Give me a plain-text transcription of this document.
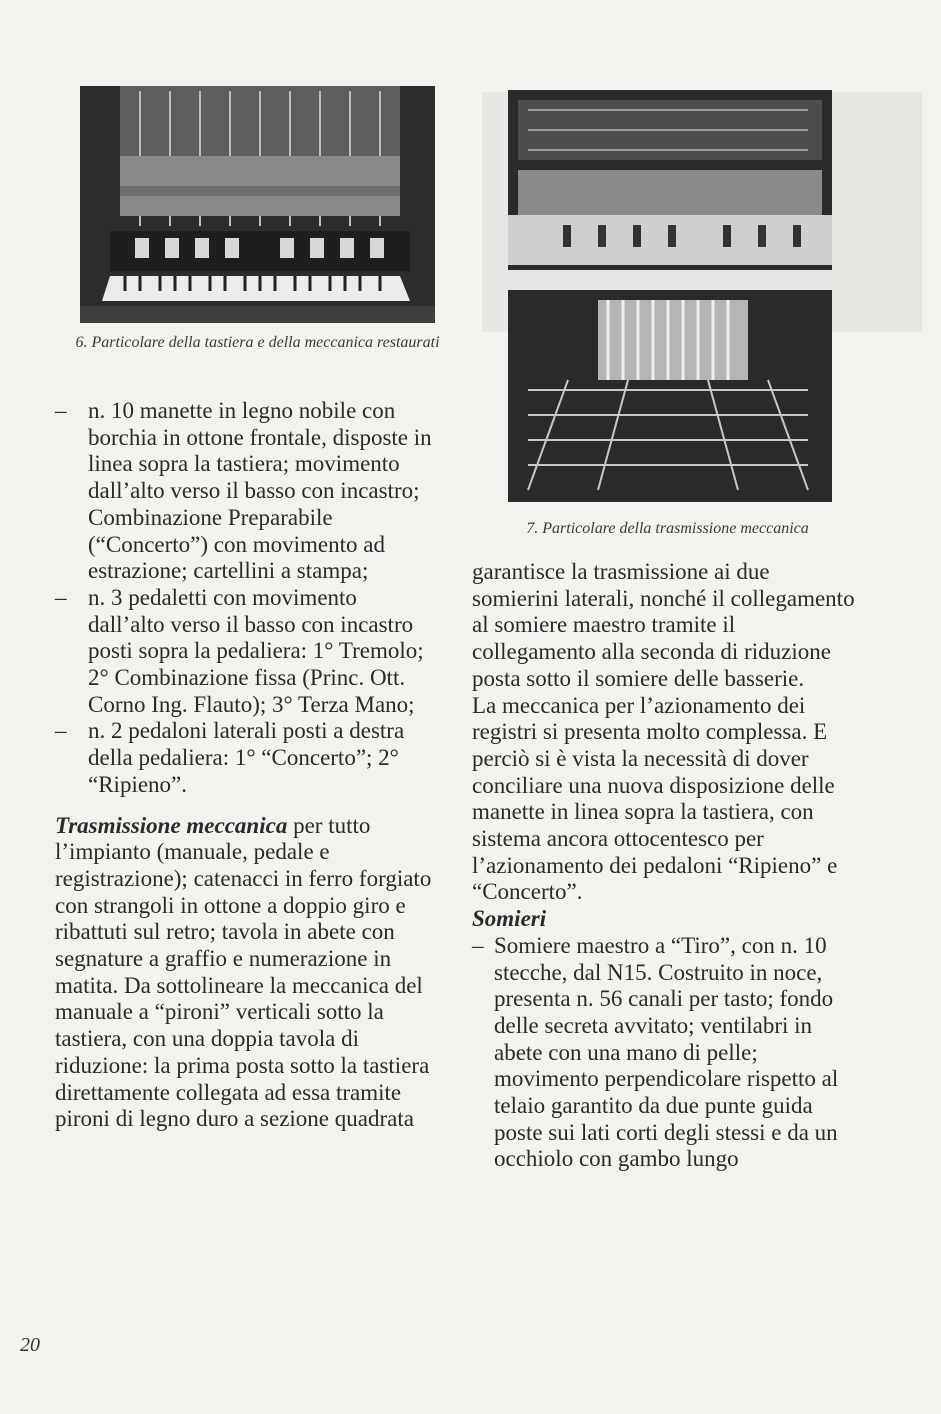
6. Particolare della tastiera e della meccanica restaurati
7. Particolare della trasmissione meccanica

– n. 10 manette in legno nobile con borchia in ottone frontale, disposte in linea sopra la tastiera; movimento dall’alto verso il basso con incastro; Combinazione Preparabile (“Concerto”) con movimento ad estrazione; cartellini a stampa;

– n. 3 pedaletti con movimento dall’alto verso il basso con incastro posti sopra la pedaliera: 1° Tremolo; 2° Combinazione fissa (Princ. Ott. Corno Ing. Flauto); 3° Terza Mano;

– n. 2 pedaloni laterali posti a destra della pedaliera: 1° “Concerto”; 2° “Ripieno”.

Trasmissione meccanica per tutto l’impianto (manuale, pedale e registrazione); catenacci in ferro forgiato con strangoli in ottone a doppio giro e ribattuti sul retro; tavola in abete con segnature a graffio e numerazione in matita. Da sottolineare la meccanica del manuale a “pironi” verticali sotto la tastiera, con una doppia tavola di riduzione: la prima posta sotto la tastiera direttamente collegata ad essa tramite pironi di legno duro a sezione quadrata

garantisce la trasmissione ai due somierini laterali, nonché il collegamento al somiere maestro tramite il collegamento alla seconda di riduzione posta sotto il somiere delle basserie.

La meccanica per l’azionamento dei registri si presenta molto complessa. E perciò si è vista la necessità di dover conciliare una nuova disposizione delle manette in linea sopra la tastiera, con sistema ancora ottocentesco per l’azionamento dei pedaloni “Ripieno” e “Concerto”.

Somieri

– Somiere maestro a “Tiro”, con n. 10 stecche, dal N15. Costruito in noce, presenta n. 56 canali per tasto; fondo delle secreta avvitato; ventilabri in abete con una mano di pelle; movimento perpendicolare rispetto al telaio garantito da due punte guida poste sui lati corti degli stessi e da un occhiolo con gambo lungo

20
